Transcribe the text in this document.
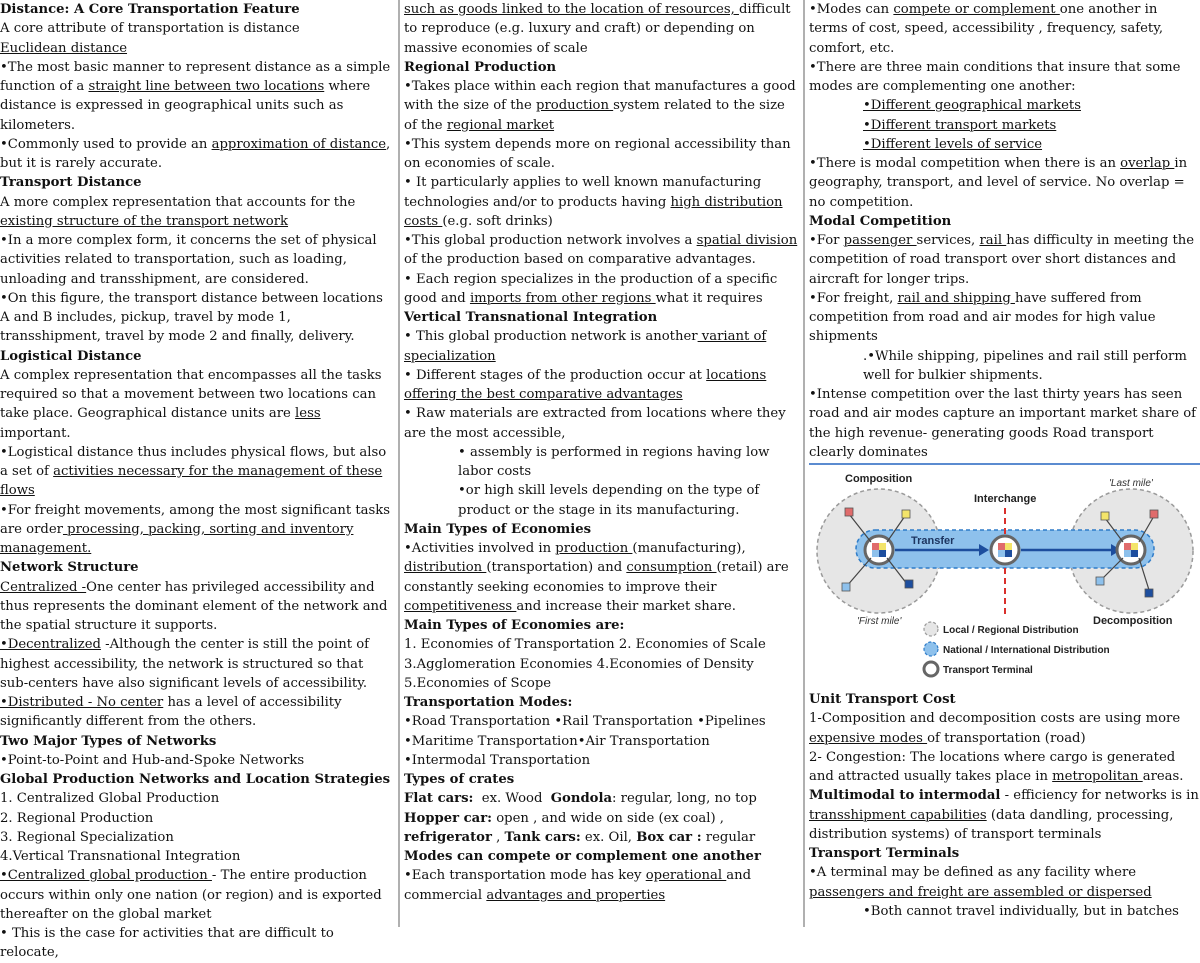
Distance: A Core Transportation Feature

A core attribute of transportation is distance

Euclidean distance

•The most basic manner to represent distance as a simple function of a straight line between two locations where distance is expressed in geographical units such as kilometers.

•Commonly used to provide an approximation of distance, but it is rarely accurate.

Transport Distance

A more complex representation that accounts for the existing structure of the transport network

•In a more complex form, it concerns the set of physical activities related to transportation, such as loading, unloading and transshipment, are considered.

•On this figure, the transport distance between locations A and B includes, pickup, travel by mode 1, transshipment, travel by mode 2 and finally, delivery.

Logistical Distance

A complex representation that encompasses all the tasks required so that a movement between two locations can take place. Geographical distance units are less important.

•Logistical distance thus includes physical flows, but also a set of activities necessary for the management of these flows

•For freight movements, among the most significant tasks are order processing, packing, sorting and inventory management.

Network Structure

Centralized -One center has privileged accessibility and thus represents the dominant element of the network and the spatial structure it supports.

•Decentralized -Although the center is still the point of highest accessibility, the network is structured so that sub-centers have also significant levels of accessibility.

•Distributed - No center has a level of accessibility significantly different from the others.

Two Major Types of Networks

•Point-to-Point and Hub-and-Spoke Networks

Global Production Networks and Location Strategies

1. Centralized Global Production

2. Regional Production

3. Regional Specialization

4.Vertical Transnational Integration

•Centralized global production - The entire production occurs within only one nation (or region) and is exported thereafter on the global market

• This is the case for activities that are difficult to relocate,

such as goods linked to the location of resources, difficult to reproduce (e.g. luxury and craft) or depending on massive economies of scale

Regional Production

•Takes place within each region that manufactures a good with the size of the production system related to the size of the regional market

•This system depends more on regional accessibility than on economies of scale.

• It particularly applies to well known manufacturing technologies and/or to products having high distribution costs (e.g. soft drinks)

•This global production network involves a spatial division of the production based on comparative advantages.

• Each region specializes in the production of a specific good and imports from other regions what it requires

Vertical Transnational Integration

• This global production network is another variant of specialization

• Different stages of the production occur at locations offering the best comparative advantages

• Raw materials are extracted from locations where they are the most accessible,

• assembly is performed in regions having low labor costs

•or high skill levels depending on the type of product or the stage in its manufacturing.

Main Types of Economies

•Activities involved in production (manufacturing), distribution (transportation) and consumption (retail) are constantly seeking economies to improve their competitiveness and increase their market share.

Main Types of Economies are:

1. Economies of Transportation 2. Economies of Scale

3.Agglomeration Economies 4.Economies of Density

5.Economies of Scope

Transportation Modes:

•Road Transportation •Rail Transportation •Pipelines

•Maritime Transportation•Air Transportation

•Intermodal Transportation

Types of crates

Flat cars:  ex. Wood  Gondola: regular, long, no top

Hopper car: open , and wide on side (ex coal) ,

refrigerator , Tank cars: ex. Oil, Box car : regular

Modes can compete or complement one another

•Each transportation mode has key operational and commercial advantages and properties

•Modes can compete or complement one another in terms of cost, speed, accessibility , frequency, safety, comfort, etc.

•There are three main conditions that insure that some modes are complementing one another:

•Different geographical markets

•Different transport markets

•Different levels of service

•There is modal competition when there is an overlap in geography, transport, and level of service. No overlap = no competition.

Modal Competition

•For passenger services, rail has difficulty in meeting the competition of road transport over short distances and aircraft for longer trips.

•For freight, rail and shipping have suffered from competition from road and air modes for high value shipments

.•While shipping, pipelines and rail still perform well for bulkier shipments.

•Intense competition over the last thirty years has seen road and air modes capture an important market share of the high revenue- generating goods Road transport clearly dominates

Composition
Interchange
'Last mile'
Transfer
'First mile'	Decomposition
Local / Regional Distribution
National / International Distribution
Transport Terminal

Unit Transport Cost

1-Composition and decomposition costs are using more expensive modes of transportation (road)

2- Congestion: The locations where cargo is generated and attracted usually takes place in metropolitan areas.

Multimodal to intermodal - efficiency for networks is in transshipment capabilities (data dandling, processing, distribution systems) of transport terminals

Transport Terminals

•A terminal may be defined as any facility where passengers and freight are assembled or dispersed

•Both cannot travel individually, but in batches
